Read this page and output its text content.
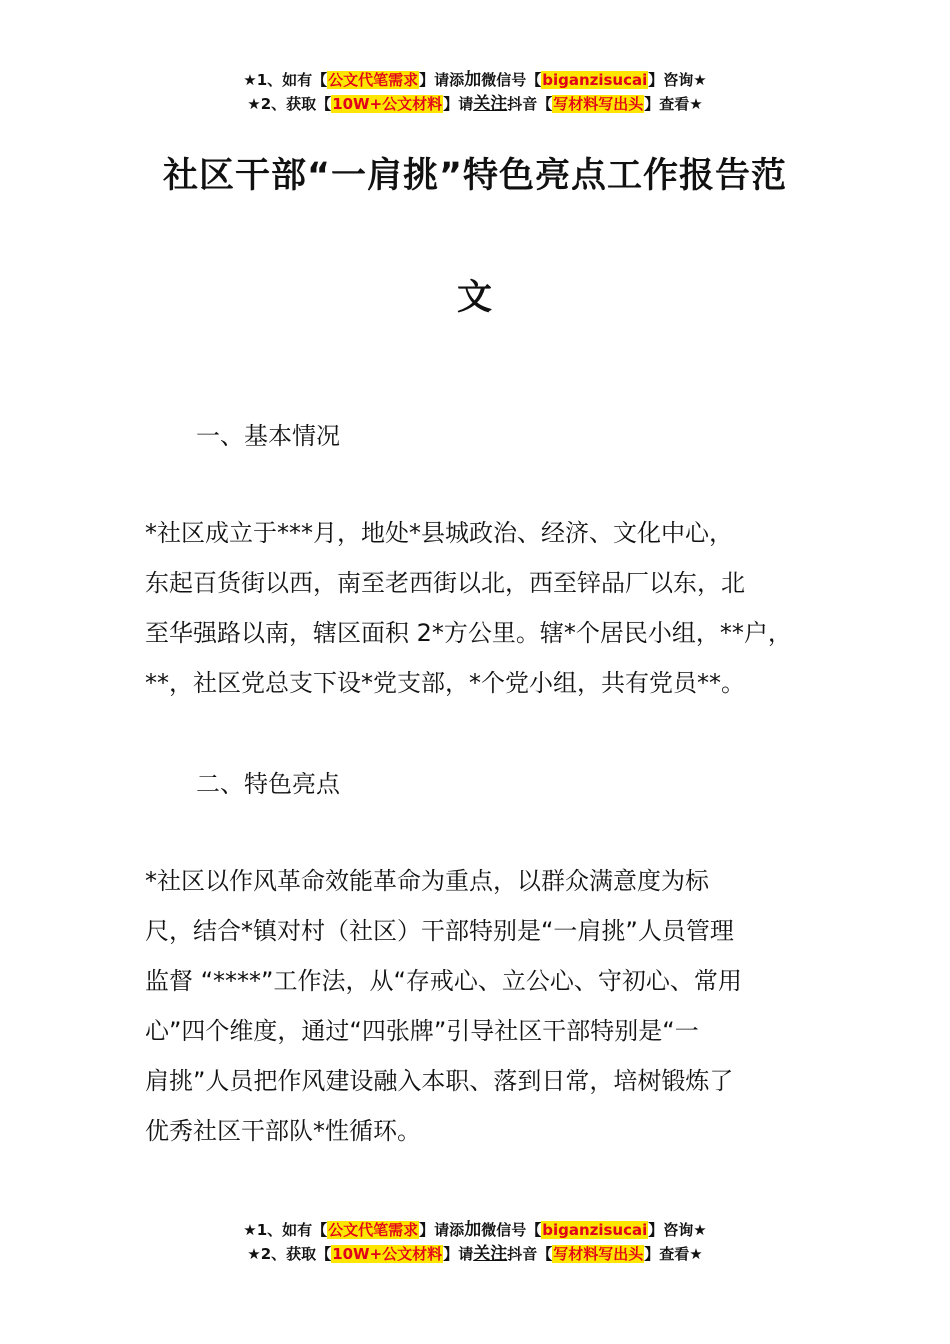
★1、如有【公文代笔需求】请添加微信号【biganzisucai】咨询★
★2、获取【10W+公文材料】请关注抖音【写材料写出头】查看★
社区干部“一肩挑”特色亮点工作报告范
文
一、基本情况
*社区成立于***月，地处*县城政治、经济、文化中心，
东起百货街以西，南至老西街以北，西至锌品厂以东，北
至华强路以南，辖区面积 2*方公里。辖*个居民小组，**户，
**，社区党总支下设*党支部，*个党小组，共有党员**。
二、特色亮点
*社区以作风革命效能革命为重点，以群众满意度为标
尺，结合*镇对村（社区）干部特别是“一肩挑”人员管理
监督 “****”工作法，从“存戒心、立公心、守初心、常用
心”四个维度，通过“四张牌”引导社区干部特别是“一
肩挑”人员把作风建设融入本职、落到日常，培树锻炼了
优秀社区干部队*性循环。
★1、如有【公文代笔需求】请添加微信号【biganzisucai】咨询★
★2、获取【10W+公文材料】请关注抖音【写材料写出头】查看★
